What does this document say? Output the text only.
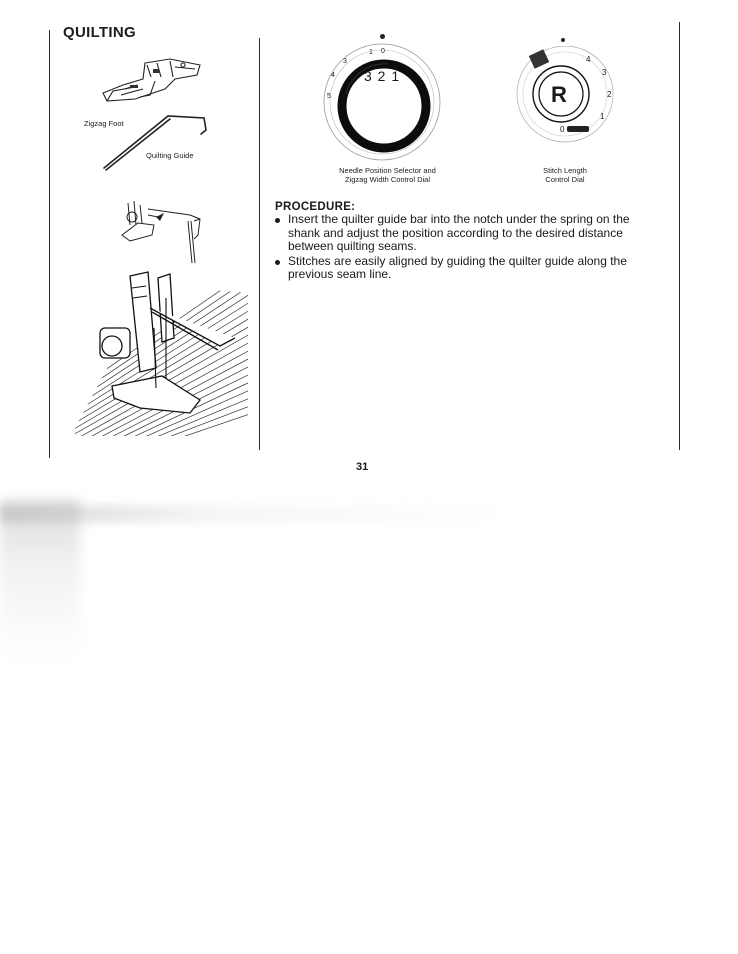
QUILTING
Zigzag Foot
Quilting Guide
5
4
3
1 0
3 2 1
Needle Position Selector and
Zigzag Width Control Dial
R
4
3
2
1
0
Stitch Length
Control Dial
PROCEDURE:
Insert the quilter guide bar into the notch under the spring on the shank and adjust the position according to the desired distance between quilting seams.
Stitches are easily aligned by guiding the quilter guide along the previous seam line.
31
